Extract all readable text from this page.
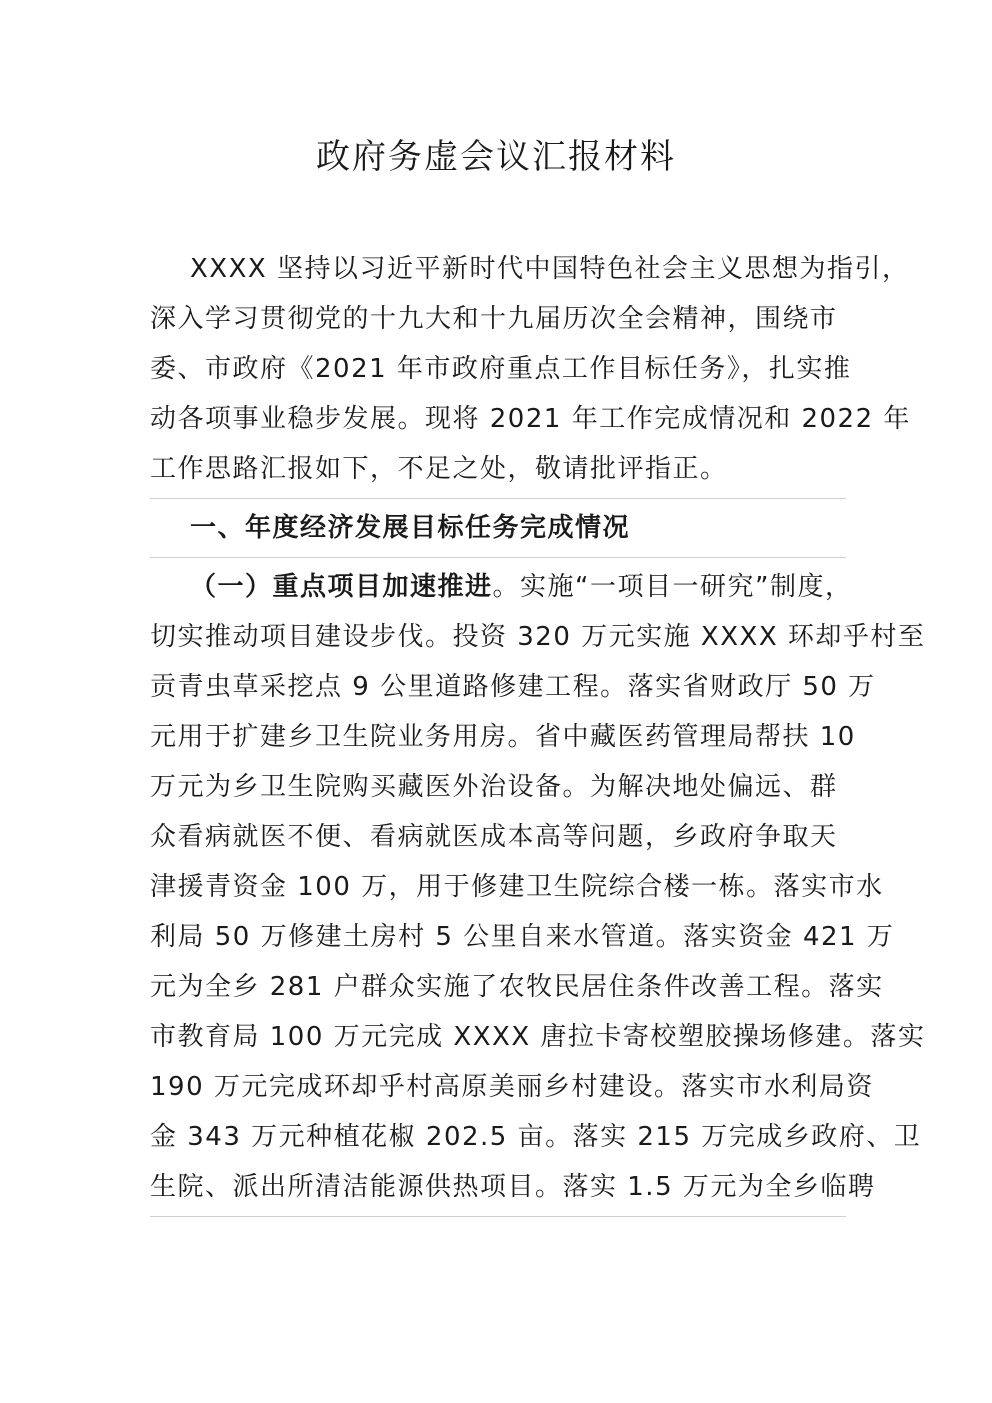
政府务虚会议汇报材料
XXXX 坚持以习近平新时代中国特色社会主义思想为指引，
深入学习贯彻党的十九大和十九届历次全会精神，围绕市
委、市政府《2021 年市政府重点工作目标任务》，扎实推
动各项事业稳步发展。现将 2021 年工作完成情况和 2022 年
工作思路汇报如下，不足之处，敬请批评指正。
一、年度经济发展目标任务完成情况
（一）重点项目加速推进。实施“一项目一研究”制度，
切实推动项目建设步伐。投资 320 万元实施 XXXX 环却乎村至
贡青虫草采挖点 9 公里道路修建工程。落实省财政厅 50 万
元用于扩建乡卫生院业务用房。省中藏医药管理局帮扶 10
万元为乡卫生院购买藏医外治设备。为解决地处偏远、群
众看病就医不便、看病就医成本高等问题，乡政府争取天
津援青资金 100 万，用于修建卫生院综合楼一栋。落实市水
利局 50 万修建土房村 5 公里自来水管道。落实资金 421 万
元为全乡 281 户群众实施了农牧民居住条件改善工程。落实
市教育局 100 万元完成 XXXX 唐拉卡寄校塑胶操场修建。落实
190 万元完成环却乎村高原美丽乡村建设。落实市水利局资
金 343 万元种植花椒 202.5 亩。落实 215 万完成乡政府、卫
生院、派出所清洁能源供热项目。落实 1.5 万元为全乡临聘
